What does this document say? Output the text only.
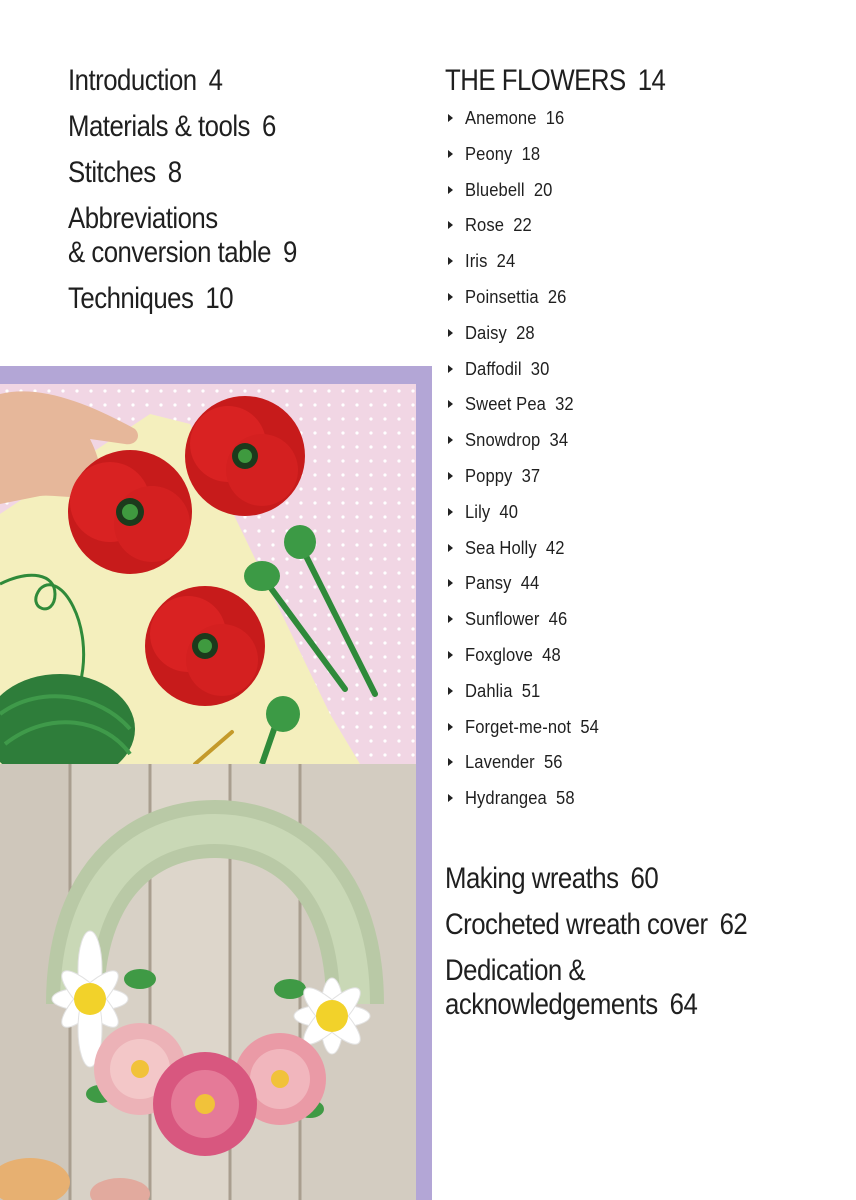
Introduction 4

Materials & tools 6

Stitches 8

Abbreviations
& conversion table 9

Techniques 10

THE FLOWERS 14

Anemone 16
Peony 18
Bluebell 20
Rose 22
Iris 24
Poinsettia 26
Daisy 28
Daffodil 30
Sweet Pea 32
Snowdrop 34
Poppy 37
Lily 40
Sea Holly 42
Pansy 44
Sunflower 46
Foxglove 48
Dahlia 51
Forget-me-not 54
Lavender 56
Hydrangea 58

Making wreaths 60

Crocheted wreath cover 62

Dedication &
acknowledgements 64
